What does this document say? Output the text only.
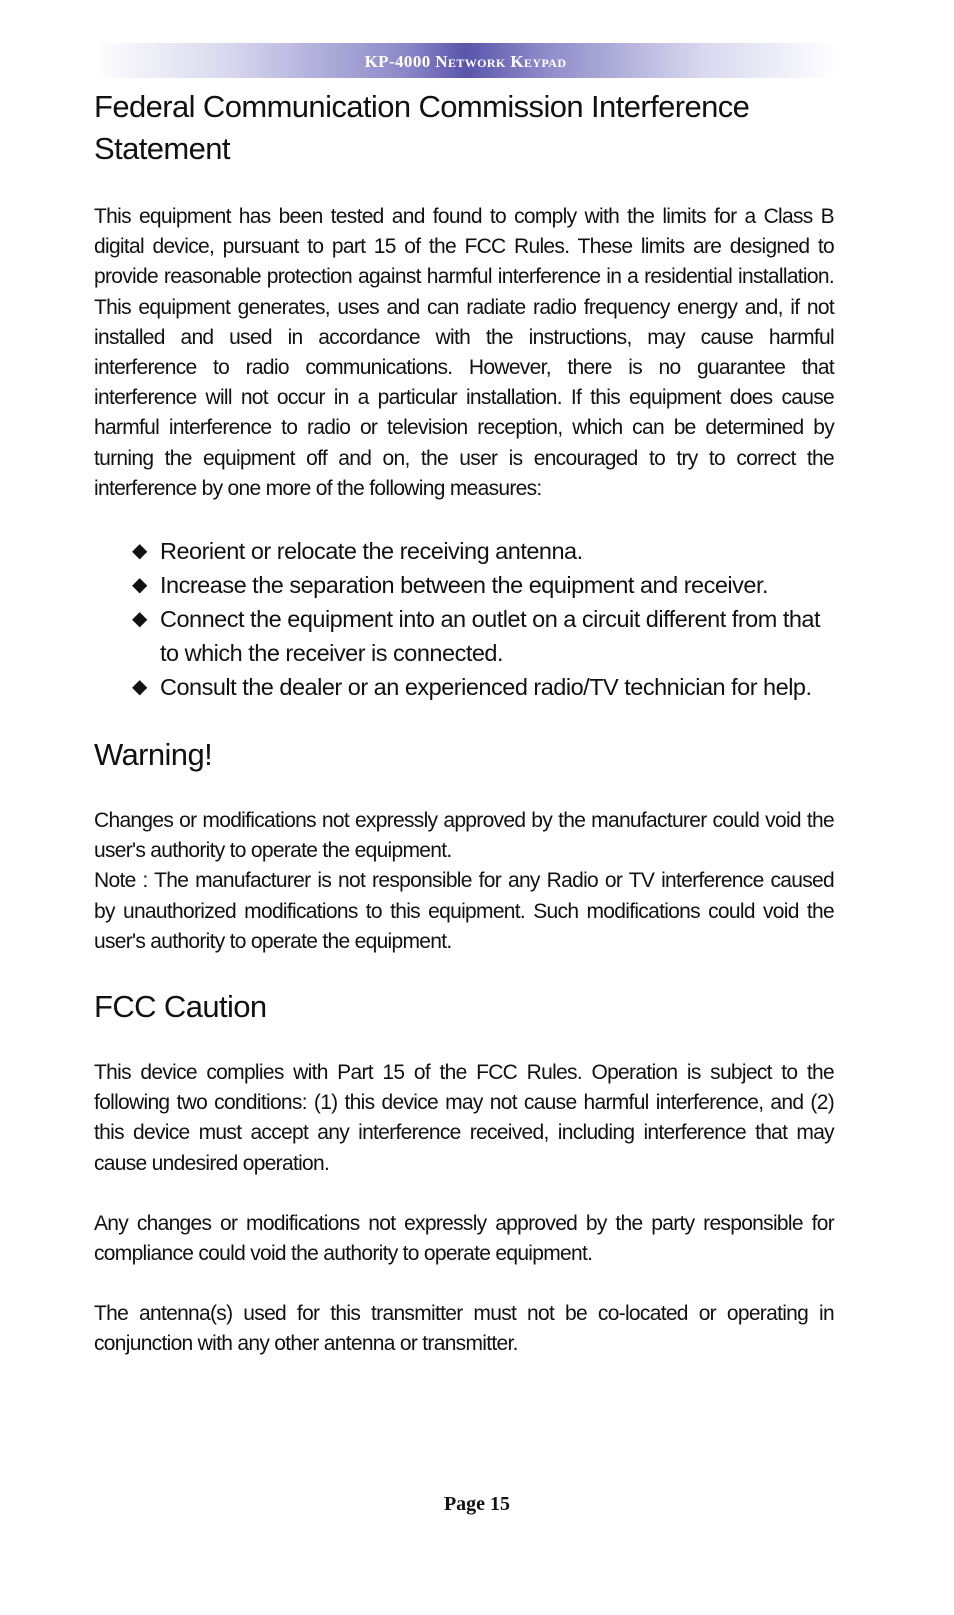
KP-4000 Network Keypad
Federal Communication Commission Interference Statement

This equipment has been tested and found to comply with the limits for a Class B digital device, pursuant to part 15 of the FCC Rules. These limits are designed to provide reasonable protection against harmful interference in a residential installation. This equipment generates, uses and can radiate radio frequency energy and, if not installed and used in accordance with the instructions, may cause harmful interference to radio communications. However, there is no guarantee that interference will not occur in a particular installation. If this equipment does cause harmful interference to radio or television reception, which can be determined by turning the equipment off and on, the user is encouraged to try to correct the interference by one more of the following measures:

◆ Reorient or relocate the receiving antenna.
◆ Increase the separation between the equipment and receiver.
◆ Connect the equipment into an outlet on a circuit different from that to which the receiver is connected.
◆ Consult the dealer or an experienced radio/TV technician for help.
Warning!

Changes or modifications not expressly approved by the manufacturer could void the user's authority to operate the equipment.

Note : The manufacturer is not responsible for any Radio or TV interference caused by unauthorized modifications to this equipment. Such modifications could void the user's authority to operate the equipment.

FCC Caution

This device complies with Part 15 of the FCC Rules. Operation is subject to the following two conditions: (1) this device may not cause harmful interference, and (2) this device must accept any interference received, including interference that may cause undesired operation.

Any changes or modifications not expressly approved by the party responsible for compliance could void the authority to operate equipment.

The antenna(s) used for this transmitter must not be co-located or operating in conjunction with any other antenna or transmitter.

Page 15
